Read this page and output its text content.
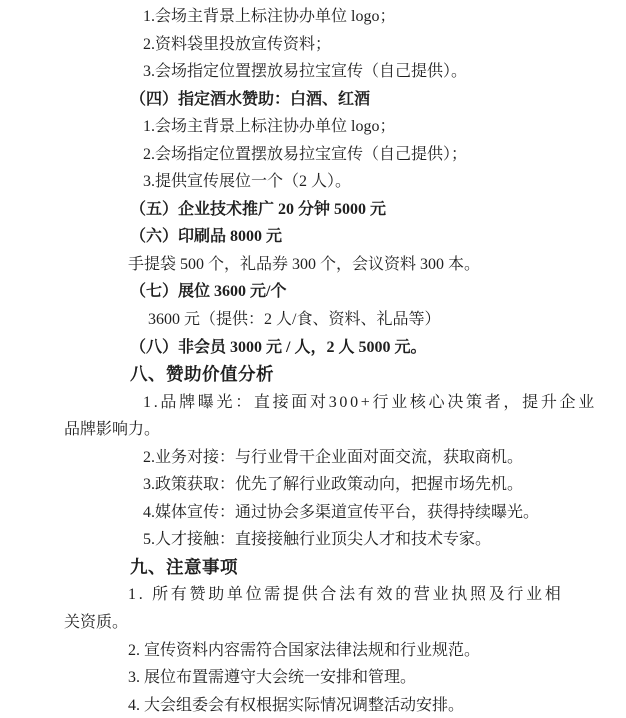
1.会场主背景上标注协办单位 logo；
2.资料袋里投放宣传资料；
3.会场指定位置摆放易拉宝宣传（自己提供）。
（四）指定酒水赞助：白酒、红酒
1.会场主背景上标注协办单位 logo；
2.会场指定位置摆放易拉宝宣传（自己提供）；
3.提供宣传展位一个（2 人）。
（五）企业技术推广 20 分钟 5000 元
（六）印刷品 8000 元
手提袋 500 个，礼品券 300 个，会议资料 300 本。
（七）展位 3600 元/个
3600 元（提供：2 人/食、资料、礼品等）
（八）非会员 3000 元 / 人，2 人 5000 元。
八、赞助价值分析
1.品牌曝光：直接面对300+行业核心决策者，提升企业
品牌影响力。
2.业务对接：与行业骨干企业面对面交流，获取商机。
3.政策获取：优先了解行业政策动向，把握市场先机。
4.媒体宣传：通过协会多渠道宣传平台，获得持续曝光。
5.人才接触：直接接触行业顶尖人才和技术专家。
九、注意事项
1. 所有赞助单位需提供合法有效的营业执照及行业相
关资质。
2. 宣传资料内容需符合国家法律法规和行业规范。
3. 展位布置需遵守大会统一安排和管理。
4. 大会组委会有权根据实际情况调整活动安排。
